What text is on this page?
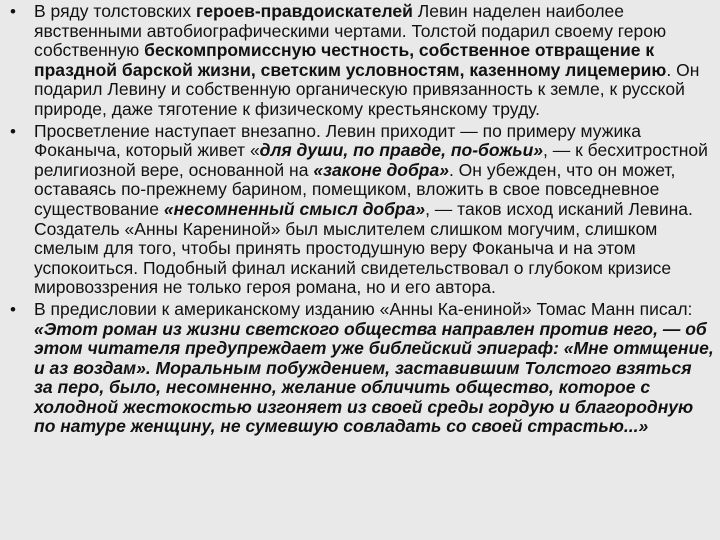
• В ряду толстовских героев-правдоискателей Левин наделен наиболее явственными автобиографическими чертами. Толстой подарил своему герою собственную бескомпромиссную честность, собственное отвращение к праздной барской жизни, светским условностям, казенному лицемерию. Он подарил Левину и собственную органическую привязанность к земле, к русской природе, даже тяготение к физическому крестьянскому труду.
• Просветление наступает внезапно. Левин приходит — по примеру мужика Фоканыча, который живет «для души, по правде, по-божьи», — к бесхитростной религиозной вере, основанной на «законе добра». Он убежден, что он может, оставаясь по-прежнему барином, помещиком, вложить в свое повседневное существование «несомненный смысл добра», — таков исход исканий Левина. Создатель «Анны Карениной» был мыслителем слишком могучим, слишком смелым для того, чтобы принять простодушную веру Фоканыча и на этом успокоиться. Подобный финал исканий свидетельствовал о глубоком кризисе мировоззрения не только героя романа, но и его автора.
• В предисловии к американскому изданию «Анны Ка-ениной» Томас Манн писал: «Этот роман из жизни светского общества направлен против него, — об этом читателя предупреждает уже библейский эпиграф: «Мне отмщение, и аз воздам». Моральным побуждением, заставившим Толстого взяться за перо, было, несомненно, желание обличить общество, которое с холодной жестокостью изгоняет из своей среды гордую и благородную по натуре женщину, не сумевшую совладать со своей страстью...»
